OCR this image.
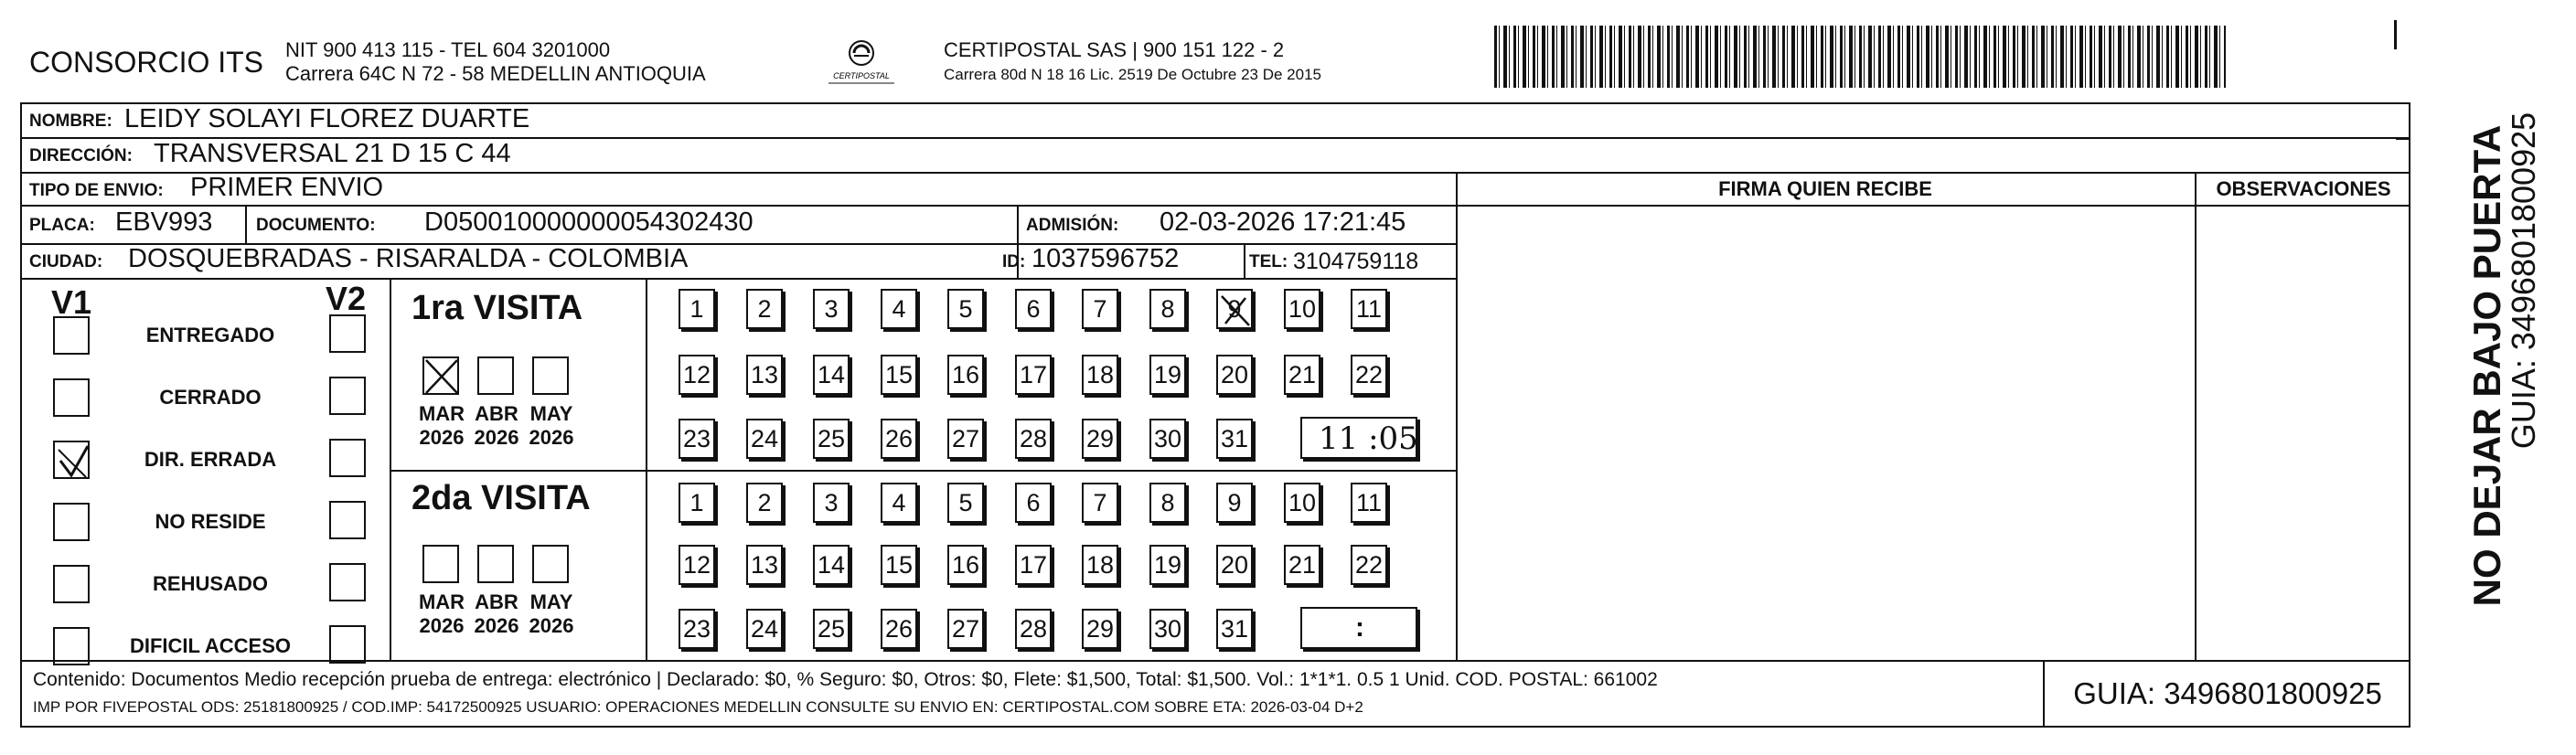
CONSORCIO ITS NIT 900 413 115 - TEL 604 3201000
Carrera 64C N 72 - 58 MEDELLIN ANTIOQUIA	CERTIPOSTAL
CERTIPOSTAL SAS | 900 151 122 - 2
Carrera 80d N 18 16 Lic. 2519 De Octubre 23 De 2015
NOMBRE: LEIDY SOLAYI FLOREZ DUARTE
DIRECCIÓN: TRANSVERSAL 21 D 15 C 44
TIPO DE ENVIO: PRIMER ENVIO	FIRMA QUIEN RECIBE	OBSERVACIONES
PLACA: EBV993	DOCUMENTO: D050010000000054302430	ADMISIÓN: 02-03-2026 17:21:45
CIUDAD: DOSQUEBRADAS - RISARALDA - COLOMBIA	ID: 1037596752	TEL: 3104759118
V1	V2
ENTREGADO
CERRADO
DIR. ERRADA
NO RESIDE
REHUSADO
DIFICIL ACCESO
1ra VISITA
2da VISITA
MAR
2026
ABR
2026
MAY
2026
MAR
2026
ABR
2026
MAY
2026
1	2	3	4	5	6	7	8	9	10 11
12 13 14 15 16 17 18 19 20 21 22
23 24 25 26 27 28 29 30 31
1	2	3	4	5	6	7	8	9	10 11
12 13 14 15 16 17 18 19 20 21 22
23 24 25 26 27 28 29 30 31
11 :05
:
Contenido: Documentos Medio recepción prueba de entrega: electrónico | Declarado: $0, % Seguro: $0, Otros: $0, Flete: $1,500, Total: $1,500. Vol.: 1*1*1. 0.5 1 Unid. COD. POSTAL: 661002
IMP POR FIVEPOSTAL ODS: 25181800925 / COD.IMP: 54172500925 USUARIO: OPERACIONES MEDELLIN CONSULTE SU ENVIO EN: CERTIPOSTAL.COM SOBRE ETA: 2026-03-04 D+2	GUIA: 3496801800925
NO DEJAR BAJO PUERTA
GUIA: 3496801800925
